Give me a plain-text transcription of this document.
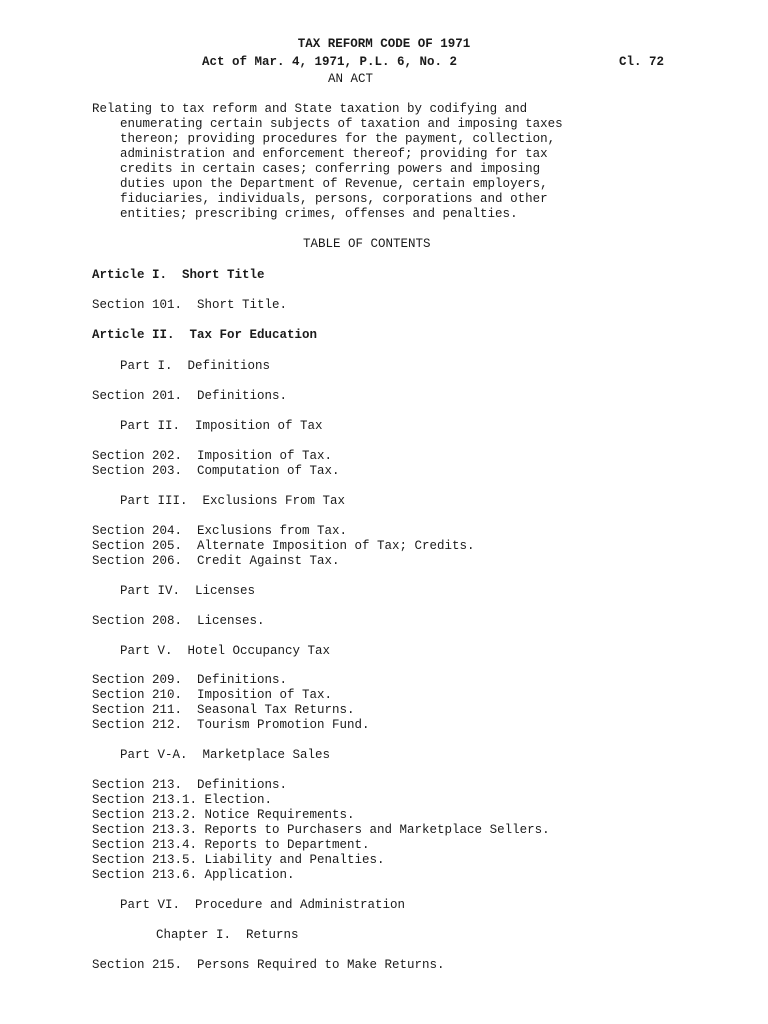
TAX REFORM CODE OF 1971
Act of Mar. 4, 1971, P.L. 6, No. 2	Cl. 72
AN ACT
Relating to tax reform and State taxation by codifying and
enumerating certain subjects of taxation and imposing taxes
thereon; providing procedures for the payment, collection,
administration and enforcement thereof; providing for tax
credits in certain cases; conferring powers and imposing
duties upon the Department of Revenue, certain employers,
fiduciaries, individuals, persons, corporations and other
entities; prescribing crimes, offenses and penalties.
TABLE OF CONTENTS
Article I.  Short Title
Section 101.  Short Title.
Article II.  Tax For Education
Part I.  Definitions
Section 201.  Definitions.
Part II.  Imposition of Tax
Section 202.  Imposition of Tax.
Section 203.  Computation of Tax.
Part III.  Exclusions From Tax
Section 204.  Exclusions from Tax.
Section 205.  Alternate Imposition of Tax; Credits.
Section 206.  Credit Against Tax.
Part IV.  Licenses
Section 208.  Licenses.
Part V.  Hotel Occupancy Tax
Section 209.  Definitions.
Section 210.  Imposition of Tax.
Section 211.  Seasonal Tax Returns.
Section 212.  Tourism Promotion Fund.
Part V-A.  Marketplace Sales
Section 213.  Definitions.
Section 213.1. Election.
Section 213.2. Notice Requirements.
Section 213.3. Reports to Purchasers and Marketplace Sellers.
Section 213.4. Reports to Department.
Section 213.5. Liability and Penalties.
Section 213.6. Application.
Part VI.  Procedure and Administration
Chapter I.  Returns
Section 215.  Persons Required to Make Returns.
